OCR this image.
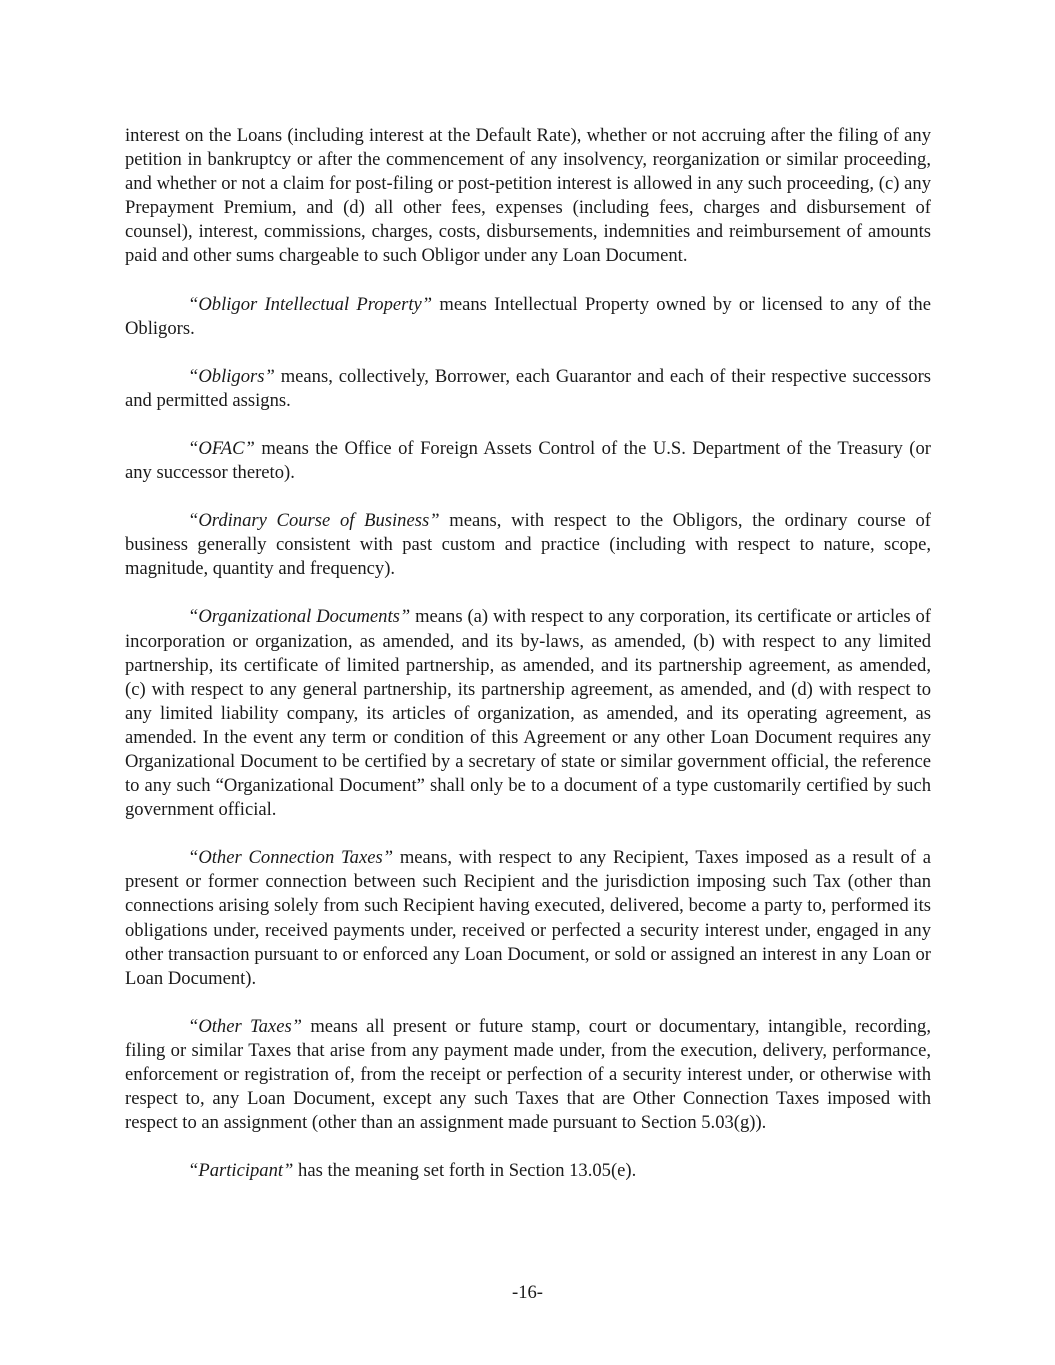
interest on the Loans (including interest at the Default Rate), whether or not accruing after the filing of any petition in bankruptcy or after the commencement of any insolvency, reorganization or similar proceeding, and whether or not a claim for post-filing or post-petition interest is allowed in any such proceeding, (c) any Prepayment Premium, and (d) all other fees, expenses (including fees, charges and disbursement of counsel), interest, commissions, charges, costs, disbursements, indemnities and reimbursement of amounts paid and other sums chargeable to such Obligor under any Loan Document.

“Obligor Intellectual Property” means Intellectual Property owned by or licensed to any of the Obligors.

“Obligors” means, collectively, Borrower, each Guarantor and each of their respective successors and permitted assigns.

“OFAC” means the Office of Foreign Assets Control of the U.S. Department of the Treasury (or any successor thereto).

“Ordinary Course of Business” means, with respect to the Obligors, the ordinary course of business generally consistent with past custom and practice (including with respect to nature, scope, magnitude, quantity and frequency).

“Organizational Documents” means (a) with respect to any corporation, its certificate or articles of incorporation or organization, as amended, and its by-laws, as amended, (b) with respect to any limited partnership, its certificate of limited partnership, as amended, and its partnership agreement, as amended, (c) with respect to any general partnership, its partnership agreement, as amended, and (d) with respect to any limited liability company, its articles of organization, as amended, and its operating agreement, as amended. In the event any term or condition of this Agreement or any other Loan Document requires any Organizational Document to be certified by a secretary of state or similar government official, the reference to any such “Organizational Document” shall only be to a document of a type customarily certified by such government official.

“Other Connection Taxes” means, with respect to any Recipient, Taxes imposed as a result of a present or former connection between such Recipient and the jurisdiction imposing such Tax (other than connections arising solely from such Recipient having executed, delivered, become a party to, performed its obligations under, received payments under, received or perfected a security interest under, engaged in any other transaction pursuant to or enforced any Loan Document, or sold or assigned an interest in any Loan or Loan Document).

“Other Taxes” means all present or future stamp, court or documentary, intangible, recording, filing or similar Taxes that arise from any payment made under, from the execution, delivery, performance, enforcement or registration of, from the receipt or perfection of a security interest under, or otherwise with respect to, any Loan Document, except any such Taxes that are Other Connection Taxes imposed with respect to an assignment (other than an assignment made pursuant to Section 5.03(g)).

“Participant” has the meaning set forth in Section 13.05(e).

-16-
